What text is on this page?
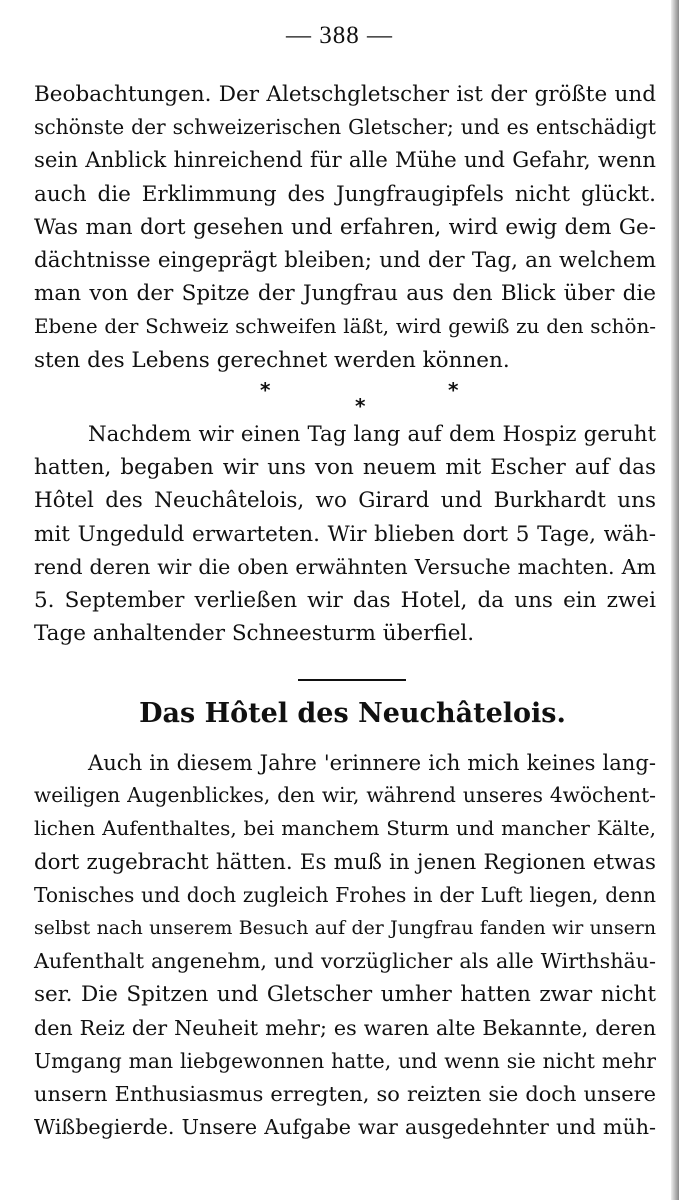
— 388 —
Beobachtungen. Der Aletschgletscher ist der größte und
schönste der schweizerischen Gletscher; und es entschädigt
sein Anblick hinreichend für alle Mühe und Gefahr, wenn
auch die Erklimmung des Jungfraugipfels nicht glückt.
Was man dort gesehen und erfahren, wird ewig dem Ge-
dächtnisse eingeprägt bleiben; und der Tag, an welchem
man von der Spitze der Jungfrau aus den Blick über die
Ebene der Schweiz schweifen läßt, wird gewiß zu den schön-
sten des Lebens gerechnet werden können.
*
*
*
Nachdem wir einen Tag lang auf dem Hospiz geruht
hatten, begaben wir uns von neuem mit Escher auf das
Hôtel des Neuchâtelois, wo Girard und Burkhardt uns
mit Ungeduld erwarteten. Wir blieben dort 5 Tage, wäh-
rend deren wir die oben erwähnten Versuche machten. Am
5. September verließen wir das Hotel, da uns ein zwei
Tage anhaltender Schneesturm überfiel.
Das Hôtel des Neuchâtelois.
Auch in diesem Jahre 'erinnere ich mich keines lang-
weiligen Augenblickes, den wir, während unseres 4wöchent-
lichen Aufenthaltes, bei manchem Sturm und mancher Kälte,
dort zugebracht hätten. Es muß in jenen Regionen etwas
Tonisches und doch zugleich Frohes in der Luft liegen, denn
selbst nach unserem Besuch auf der Jungfrau fanden wir unsern
Aufenthalt angenehm, und vorzüglicher als alle Wirthshäu-
ser. Die Spitzen und Gletscher umher hatten zwar nicht
den Reiz der Neuheit mehr; es waren alte Bekannte, deren
Umgang man liebgewonnen hatte, und wenn sie nicht mehr
unsern Enthusiasmus erregten, so reizten sie doch unsere
Wißbegierde. Unsere Aufgabe war ausgedehnter und müh-
